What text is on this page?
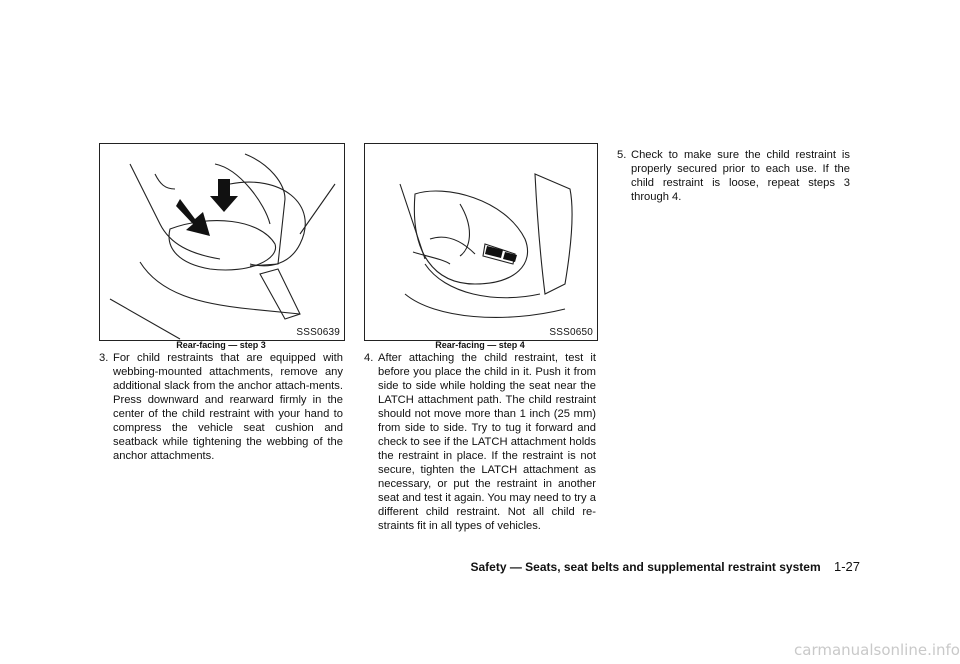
SSS0639
Rear-facing — step 3
SSS0650
Rear-facing — step 4
3. For child restraints that are equipped with webbing-mounted attachments, remove any additional slack from the anchor attach-ments. Press downward and rearward firmly in the center of the child restraint with your hand to compress the vehicle seat cushion and seatback while tightening the webbing of the anchor attachments.
4. After attaching the child restraint, test it before you place the child in it. Push it from side to side while holding the seat near the LATCH attachment path. The child restraint should not move more than 1 inch (25 mm) from side to side. Try to tug it forward and check to see if the LATCH attachment holds the restraint in place. If the restraint is not secure, tighten the LATCH attachment as necessary, or put the restraint in another seat and test it again. You may need to try a different child restraint. Not all child re-straints fit in all types of vehicles.
5. Check to make sure the child restraint is properly secured prior to each use. If the child restraint is loose, repeat steps 3 through 4.
Safety — Seats, seat belts and supplemental restraint system 1-27
carmanualsonline.info
